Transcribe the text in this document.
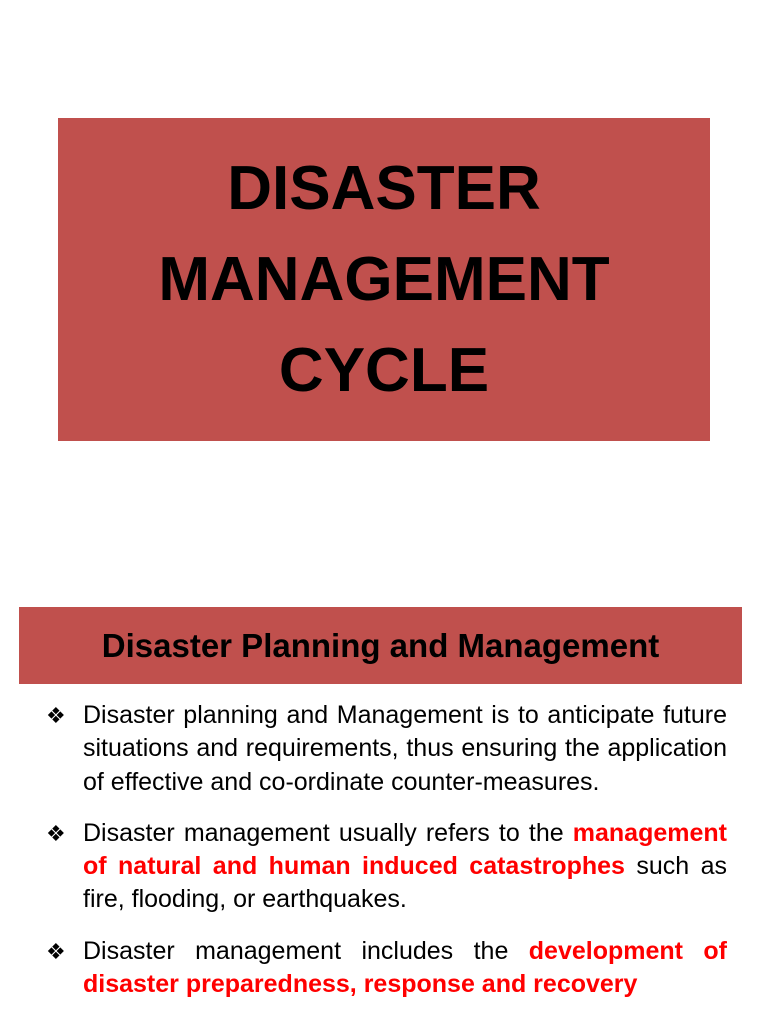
DISASTER
MANAGEMENT
CYCLE
Disaster Planning and Management
❖ Disaster planning and Management is to anticipate future situations and requirements, thus ensuring the application of effective and co-ordinate counter-measures.
❖ Disaster management usually refers to the management of natural and human induced catastrophes such as fire, flooding, or earthquakes.
❖ Disaster management includes the development of disaster preparedness, response and recovery
